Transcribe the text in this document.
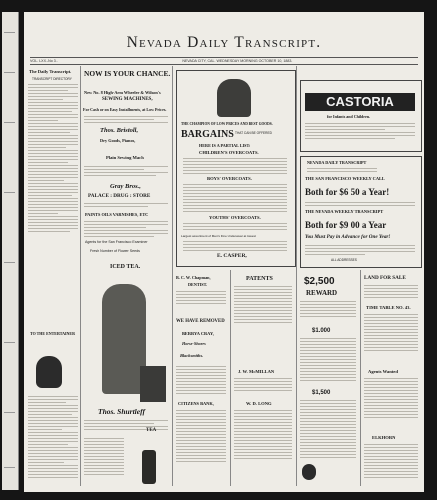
Nevada Daily Transcript.
VOL. LXX.-No 3..	NEVADA CITY, CAL. WEDNESDAY MORNING OCTOBER 10, 1883.

The Daily Transcript.
TRANSCRIPT DIRECTORY
TO THE ENTERTAINER
NOW IS YOUR CHANCE.
New No. 8 High-Arm Wheeler & Wilson's
SEWING MACHINES,
For Cash or on Easy Installments, at Low Prices.
Thos. Bristoll,
Dry Goods, Pianos,
Plain Sewing Mach
Gray Bros.,
PALACE : DRUG : STORE
PAINTS OILS VARNISHES, ETC
Agents for the San Francisco Examiner
Fresh Number of Flower Seeds
ICED TEA.
Thos. Shurtleff
TEA
THE CHAMPION OF LOW PRICES AND BEST GOODS.
BARGAINS THAT CAN BE OFFERED
HERE IS A PARTIAL LIST:
CHILDREN'S OVERCOATS.
BOYS' OVERCOATS.
YOUTHS' OVERCOATS.
Largest assortment of Men's Fine Underwear at lowest
E. CASPER,
CASTORIA
for Infants and Children.
NEVADA DAILY TRANSCRIPT
THE SAN FRANCISCO WEEKLY CALL
Both for $6 50 a Year!
THE NEVADA WEEKLY TRANSCRIPT
Both for $9 00 a Year
You Must Pay in Advance for One Year!
ALL ADDRESSES
B. C. W. Chapman,
DENTIST.
WE HAVE REMOVED
BERRYA CRAY,
Horse-Shoers
Blacksmiths.
CITIZENS BANK,
PATENTS
J. W. McMILLAN
W. D. LONG
$2,500
REWARD
$1.000
$1,500
LAND FOR SALE
TIME TABLE NO. 43.
Agents Wanted
ELKHORN
